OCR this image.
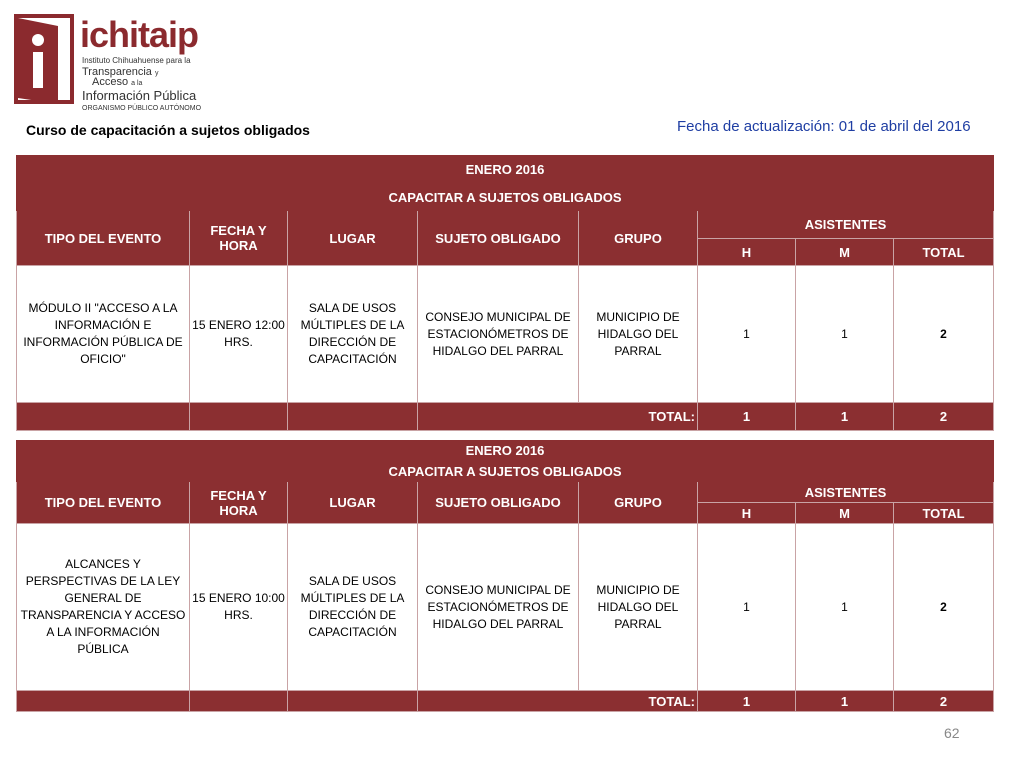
ichitaip
Instituto Chihuahuense para la
Transparencia y
Acceso a la
Información Pública
ORGANISMO PÚBLICO AUTÓNOMO
Curso de capacitación a sujetos obligados	Fecha de actualización: 01 de abril del 2016
ENERO 2016							
CAPACITAR A SUJETOS OBLIGADOS							
TIPO DEL EVENTO	FECHA Y HORA	LUGAR	SUJETO OBLIGADO	GRUPO	ASISTENTES		
					H	M	TOTAL
MÓDULO II "ACCESO A LA INFORMACIÓN E INFORMACIÓN PÚBLICA DE OFICIO"	15 ENERO 12:00 HRS.	SALA DE USOS MÚLTIPLES DE LA DIRECCIÓN DE CAPACITACIÓN	CONSEJO MUNICIPAL DE ESTACIONÓMETROS DE HIDALGO DEL PARRAL	MUNICIPIO DE HIDALGO DEL PARRAL	1	1	2
			TOTAL:		1	1	2
ENERO 2016							
CAPACITAR A SUJETOS OBLIGADOS							
TIPO DEL EVENTO	FECHA Y HORA	LUGAR	SUJETO OBLIGADO	GRUPO	ASISTENTES		
					H	M	TOTAL
ALCANCES Y PERSPECTIVAS DE LA LEY GENERAL DE TRANSPARENCIA Y ACCESO A LA INFORMACIÓN PÚBLICA	15 ENERO 10:00 HRS.	SALA DE USOS MÚLTIPLES DE LA DIRECCIÓN DE CAPACITACIÓN	CONSEJO MUNICIPAL DE ESTACIONÓMETROS DE HIDALGO DEL PARRAL	MUNICIPIO DE HIDALGO DEL PARRAL	1	1	2
			TOTAL:		1	1	2
62
